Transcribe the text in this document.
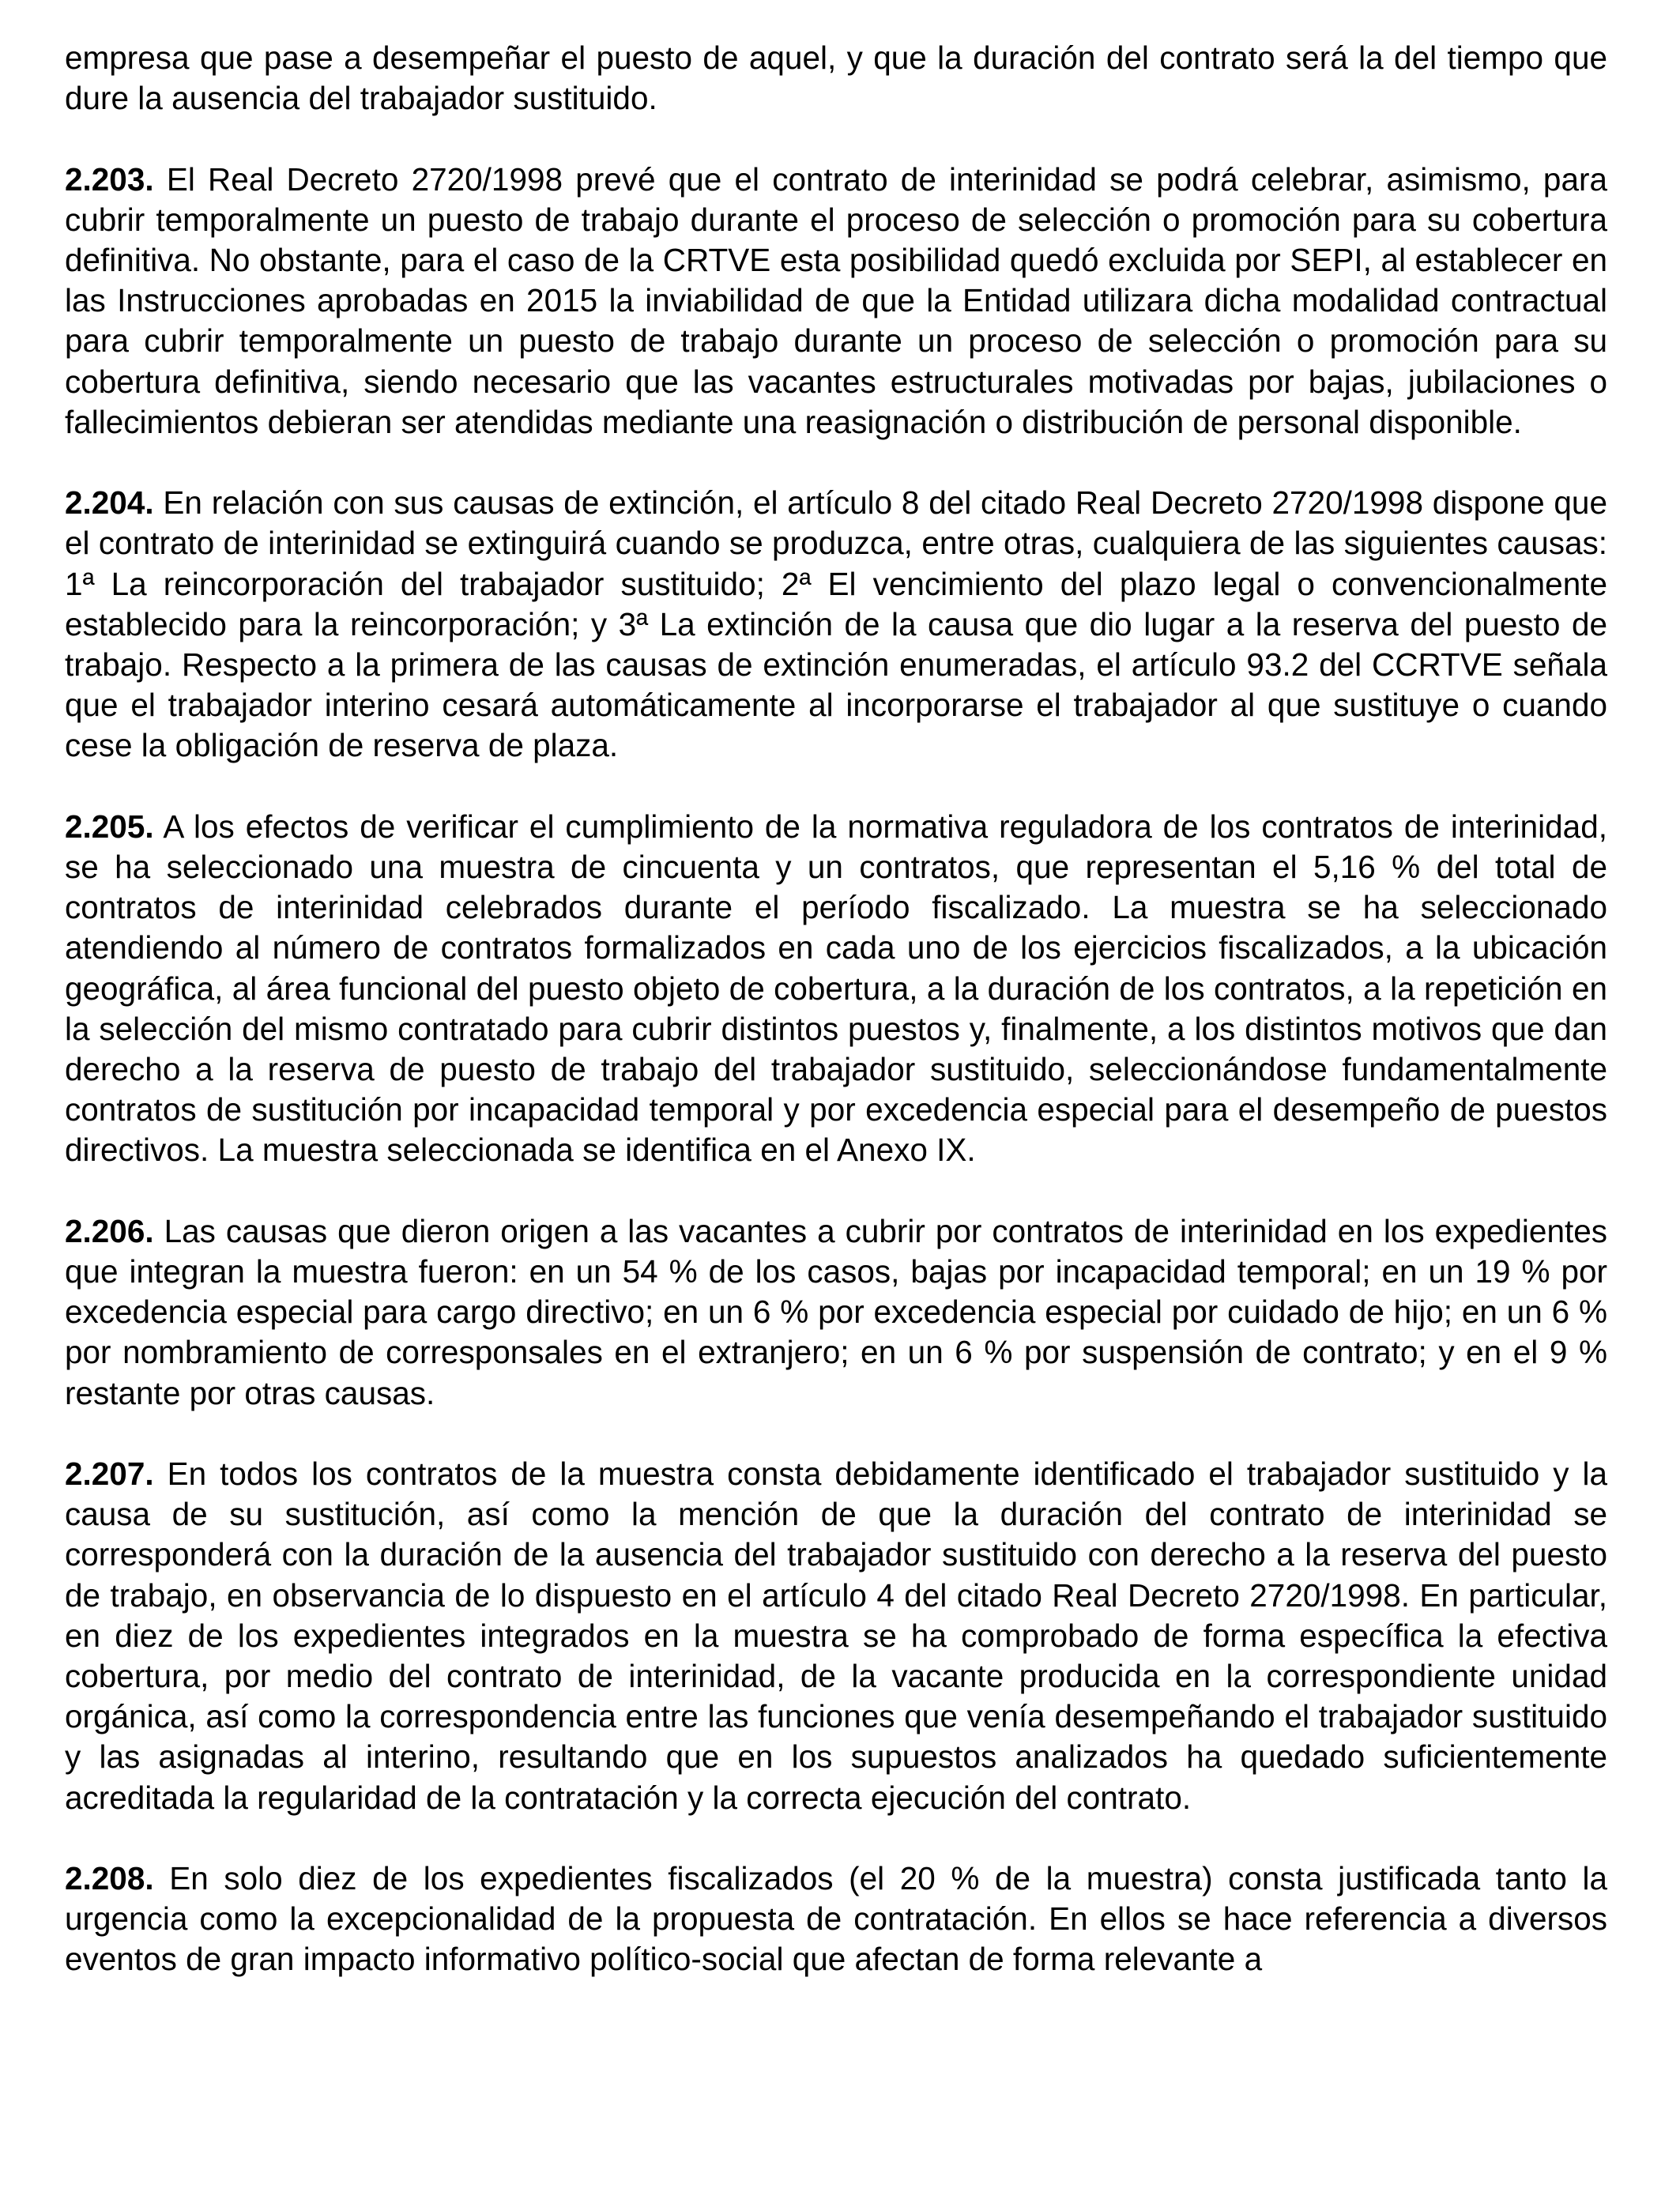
empresa que pase a desempeñar el puesto de aquel, y que la duración del contrato será la del tiempo que dure la ausencia del trabajador sustituido.

2.203. El Real Decreto 2720/1998 prevé que el contrato de interinidad se podrá celebrar, asimismo, para cubrir temporalmente un puesto de trabajo durante el proceso de selección o promoción para su cobertura definitiva. No obstante, para el caso de la CRTVE esta posibilidad quedó excluida por SEPI, al establecer en las Instrucciones aprobadas en 2015 la inviabilidad de que la Entidad utilizara dicha modalidad contractual para cubrir temporalmente un puesto de trabajo durante un proceso de selección o promoción para su cobertura definitiva, siendo necesario que las vacantes estructurales motivadas por bajas, jubilaciones o fallecimientos debieran ser atendidas mediante una reasignación o distribución de personal disponible.

2.204. En relación con sus causas de extinción, el artículo 8 del citado Real Decreto 2720/1998 dispone que el contrato de interinidad se extinguirá cuando se produzca, entre otras, cualquiera de las siguientes causas: 1ª La reincorporación del trabajador sustituido; 2ª El vencimiento del plazo legal o convencionalmente establecido para la reincorporación; y 3ª La extinción de la causa que dio lugar a la reserva del puesto de trabajo. Respecto a la primera de las causas de extinción enumeradas, el artículo 93.2 del CCRTVE señala que el trabajador interino cesará automáticamente al incorporarse el trabajador al que sustituye o cuando cese la obligación de reserva de plaza.

2.205. A los efectos de verificar el cumplimiento de la normativa reguladora de los contratos de interinidad, se ha seleccionado una muestra de cincuenta y un contratos, que representan el 5,16 % del total de contratos de interinidad celebrados durante el período fiscalizado. La muestra se ha seleccionado atendiendo al número de contratos formalizados en cada uno de los ejercicios fiscalizados, a la ubicación geográfica, al área funcional del puesto objeto de cobertura, a la duración de los contratos, a la repetición en la selección del mismo contratado para cubrir distintos puestos y, finalmente, a los distintos motivos que dan derecho a la reserva de puesto de trabajo del trabajador sustituido, seleccionándose fundamentalmente contratos de sustitución por incapacidad temporal y por excedencia especial para el desempeño de puestos directivos. La muestra seleccionada se identifica en el Anexo IX.

2.206. Las causas que dieron origen a las vacantes a cubrir por contratos de interinidad en los expedientes que integran la muestra fueron: en un 54 % de los casos, bajas por incapacidad temporal; en un 19 % por excedencia especial para cargo directivo; en un 6 % por excedencia especial por cuidado de hijo; en un 6 % por nombramiento de corresponsales en el extranjero; en un 6 % por suspensión de contrato; y en el 9 % restante por otras causas.

2.207. En todos los contratos de la muestra consta debidamente identificado el trabajador sustituido y la causa de su sustitución, así como la mención de que la duración del contrato de interinidad se corresponderá con la duración de la ausencia del trabajador sustituido con derecho a la reserva del puesto de trabajo, en observancia de lo dispuesto en el artículo 4 del citado Real Decreto 2720/1998. En particular, en diez de los expedientes integrados en la muestra se ha comprobado de forma específica la efectiva cobertura, por medio del contrato de interinidad, de la vacante producida en la correspondiente unidad orgánica, así como la correspondencia entre las funciones que venía desempeñando el trabajador sustituido y las asignadas al interino, resultando que en los supuestos analizados ha quedado suficientemente acreditada la regularidad de la contratación y la correcta ejecución del contrato.

2.208. En solo diez de los expedientes fiscalizados (el 20 % de la muestra) consta justificada tanto la urgencia como la excepcionalidad de la propuesta de contratación. En ellos se hace referencia a diversos eventos de gran impacto informativo político-social que afectan de forma relevante a
